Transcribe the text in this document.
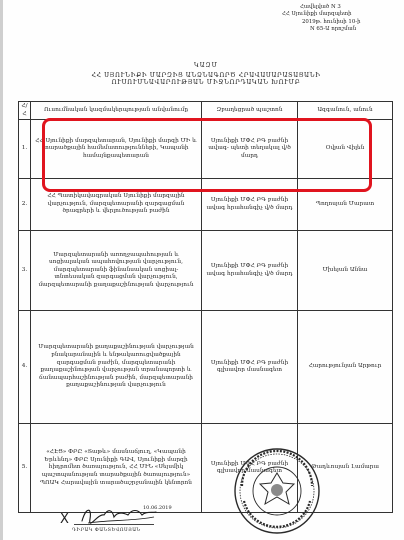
Հավելված N 3
ՀՀ Սյունիքի մարզպետի
2019թ. հունիսի 10-ի
N 65-Ա որոշման
ԿԱԶՄ
ՀՀ ՍՅՈՒՆԻՔԻ ՄԱՐԶԻՑ ԱՆՁՆԱԳՈՐԾ ՀՐԱՎԱՍԱՐԱՏԱՑԱՆԻ
ՈՒՍՈՒՄՆԱՎԱՐՈՒԹՅԱՆ ՄԻՋՆՈՐԴԱԿԱՆ ԽՈՒՄԲ
Հ/Հ	Ուսումնական կազմակերպության անվանումը	Զբաղեցրած պաշտոն	Ազգանուն, անուն
1.	ՀՀ Սյունիքի մարզպետարան, Սյունիքի մարզի ՄԻ և տարածքային համեմատությունների, Կապանի համայնքապետարան	Սյունիքի ՄՓՀ ԲԳ բաժնի ավագ- պետի տեղակալ վ/ծ մարդ	Օվյան Վիլեն
2.	ՀՀ Պատիկավագրական Սյունիքի մարզային վարչություն, մարզպետարանի զարգացման ծրագրերի և վերլուծության բաժին	Սյունիքի ՄՓՀ ԲԳ բաժնի ավագ հրահանգիչ վ/ծ մարդ	Պողոսյան Մարատ
3.	Մարզպետարանի առողջապահության և սոցիալական ապահովության վարչություն, մարզպետարանի ֆինանսական սոցիալ- տնտեսական զարգացման վարչություն, մարզպետարանի քաղաքաշինության վարչություն	Սյունիքի ՄՓՀ ԲԳ բաժնի ավագ հրահանգիչ վ/ծ մարդ	Մխեյան Աննա
4.	Մարզպետարանի քաղաքաշինության վարչության բնակարանային և ենթակառուցվածքային զարգացման բաժին, մարզպետարանի քաղաքաշինության վարչության տրանսպորտի և ճանապարհաշինության բաժին, մարզպետարանի քաղաքաշինության վարչություն	Սյունիքի ՄՓՀ ԲԳ բաժնի գլխավոր մասնագետ	Հարությունյան Արթուր
5.	«ՀԷՑ» ՓԲԸ «Տաթև» մասնաճյուղ, «Կապանի Երևենդ» ՓԲԸ Սյունիքի ԳԱՎ, Սյունիքի մարզի հիդրոմետ ծառայություն, ՀՀ ՄՒՆ «Սեյսմիկ պաշտպանության տարածքային ծառայություն» ՊՈԱԿ Հարավային տարածաշրջանային կենտրոն	Սյունիքի ՄՓՀ ԲԳ բաժնի գլխավոր մասնագետ	Թադևոսյան Լամարա
10.06.2019
X
ԴԻՐԱԿ ՓԱՆՏԵՎՈՍՅԱՆ
